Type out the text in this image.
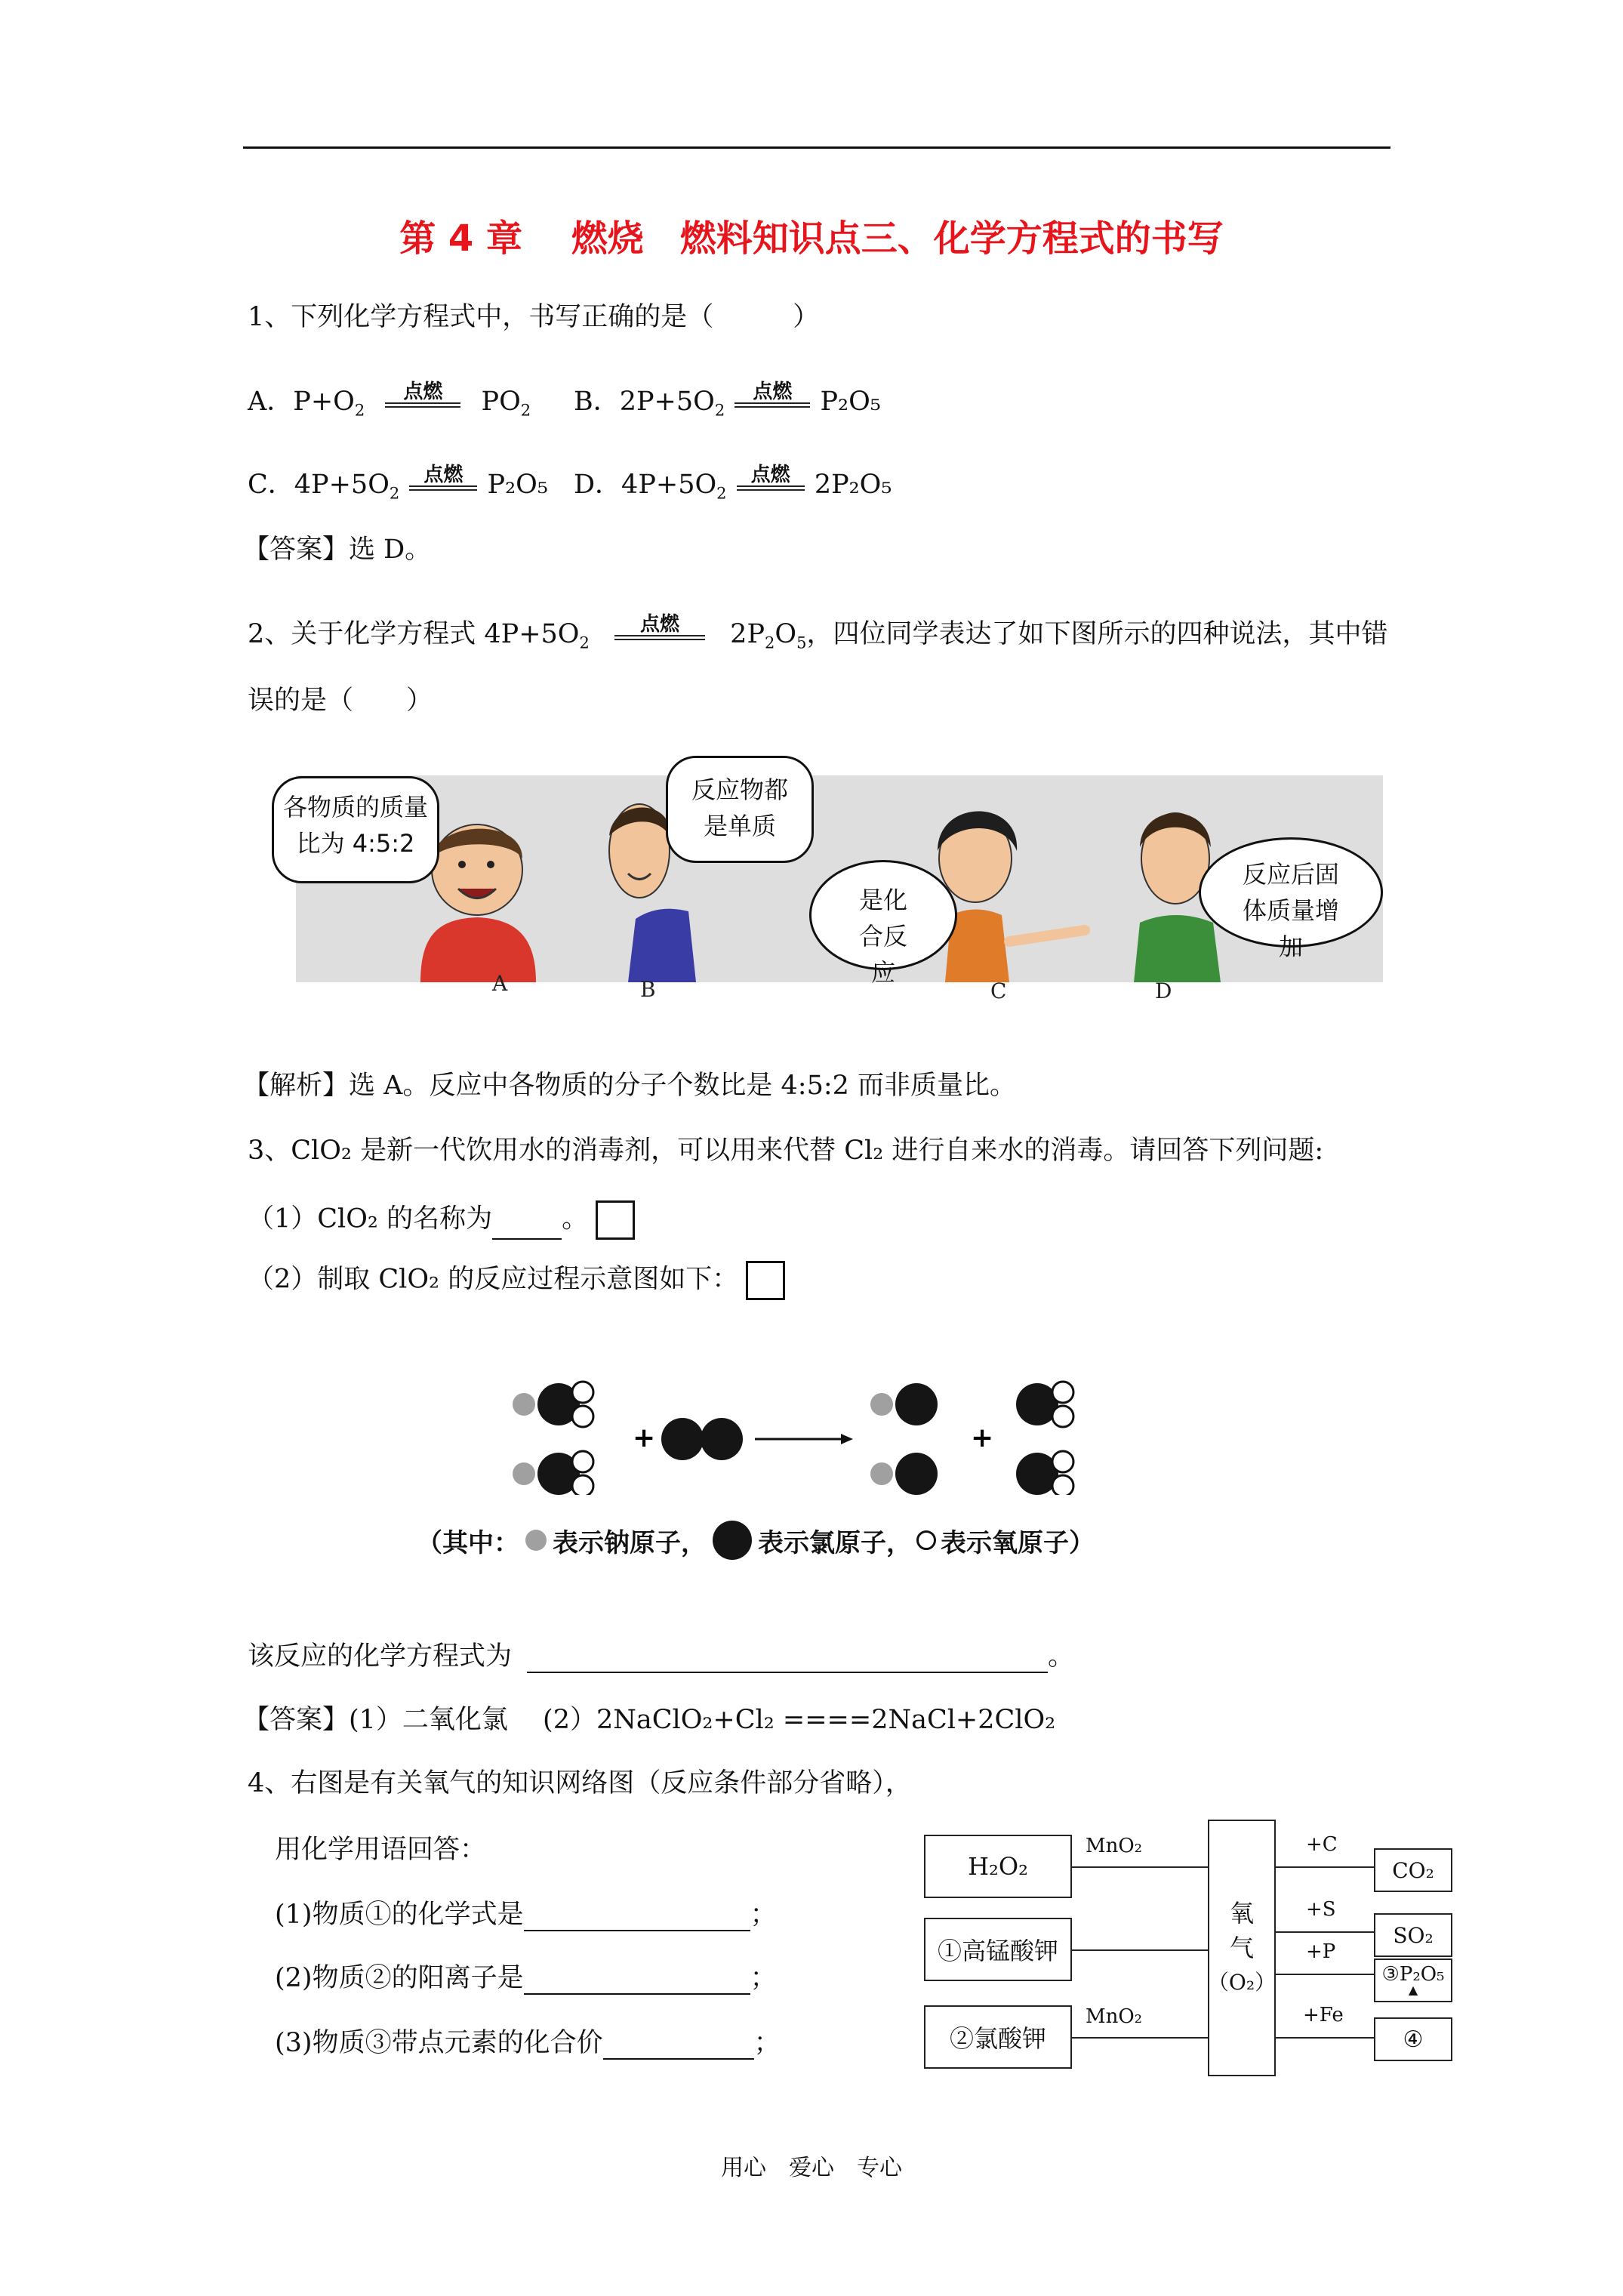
第 4 章　 燃烧　燃料知识点三、化学方程式的书写
1、下列化学方程式中，书写正确的是（　　　）
A．$P+O_2$
点燃	$PO_2$ B．$2P+5O_2$
点燃	P₂O₅
C．$4P+5O_2$
点燃 P₂O₅ D．$4P+5O_2$
点燃 2P₂O₅
【答案】选 D。
2、关于化学方程式 $4P+5O_2$
点燃	$2P_2O_5$，四位同学表达了如下图所示的四种说法，其中错
误的是（　　）
各物质的质量比为 4:5:2
反应物都是单质
是化合反应
反应后固体质量增加
A	B	C	D
【解析】选 A。反应中各物质的分子个数比是 4:5:2 而非质量比。
3、ClO₂ 是新一代饮用水的消毒剂，可以用来代替 Cl₂ 进行自来水的消毒。请回答下列问题:
（1）ClO₂ 的名称为	。
（2）制取 ClO₂ 的反应过程示意图如下：
+	+
（其中： 表示钠原子， 表示氯原子， 表示氧原子）
该反应的化学方程式为	。
【答案】(1）二氧化氯　 (2）2NaClO₂+Cl₂ ====2NaCl+2ClO₂
4、右图是有关氧气的知识网络图（反应条件部分省略），
用化学用语回答：
(1)物质①的化学式是	；
(2)物质②的阳离子是	；
(3)物质③带点元素的化合价	；
H₂O₂
①高锰酸钾
②氯酸钾
MnO₂
MnO₂
氧
气
（O₂）
+C
+S
+P
+Fe
CO₂
SO₂
③P₂O₅
▲
④
用心　爱心　专心
